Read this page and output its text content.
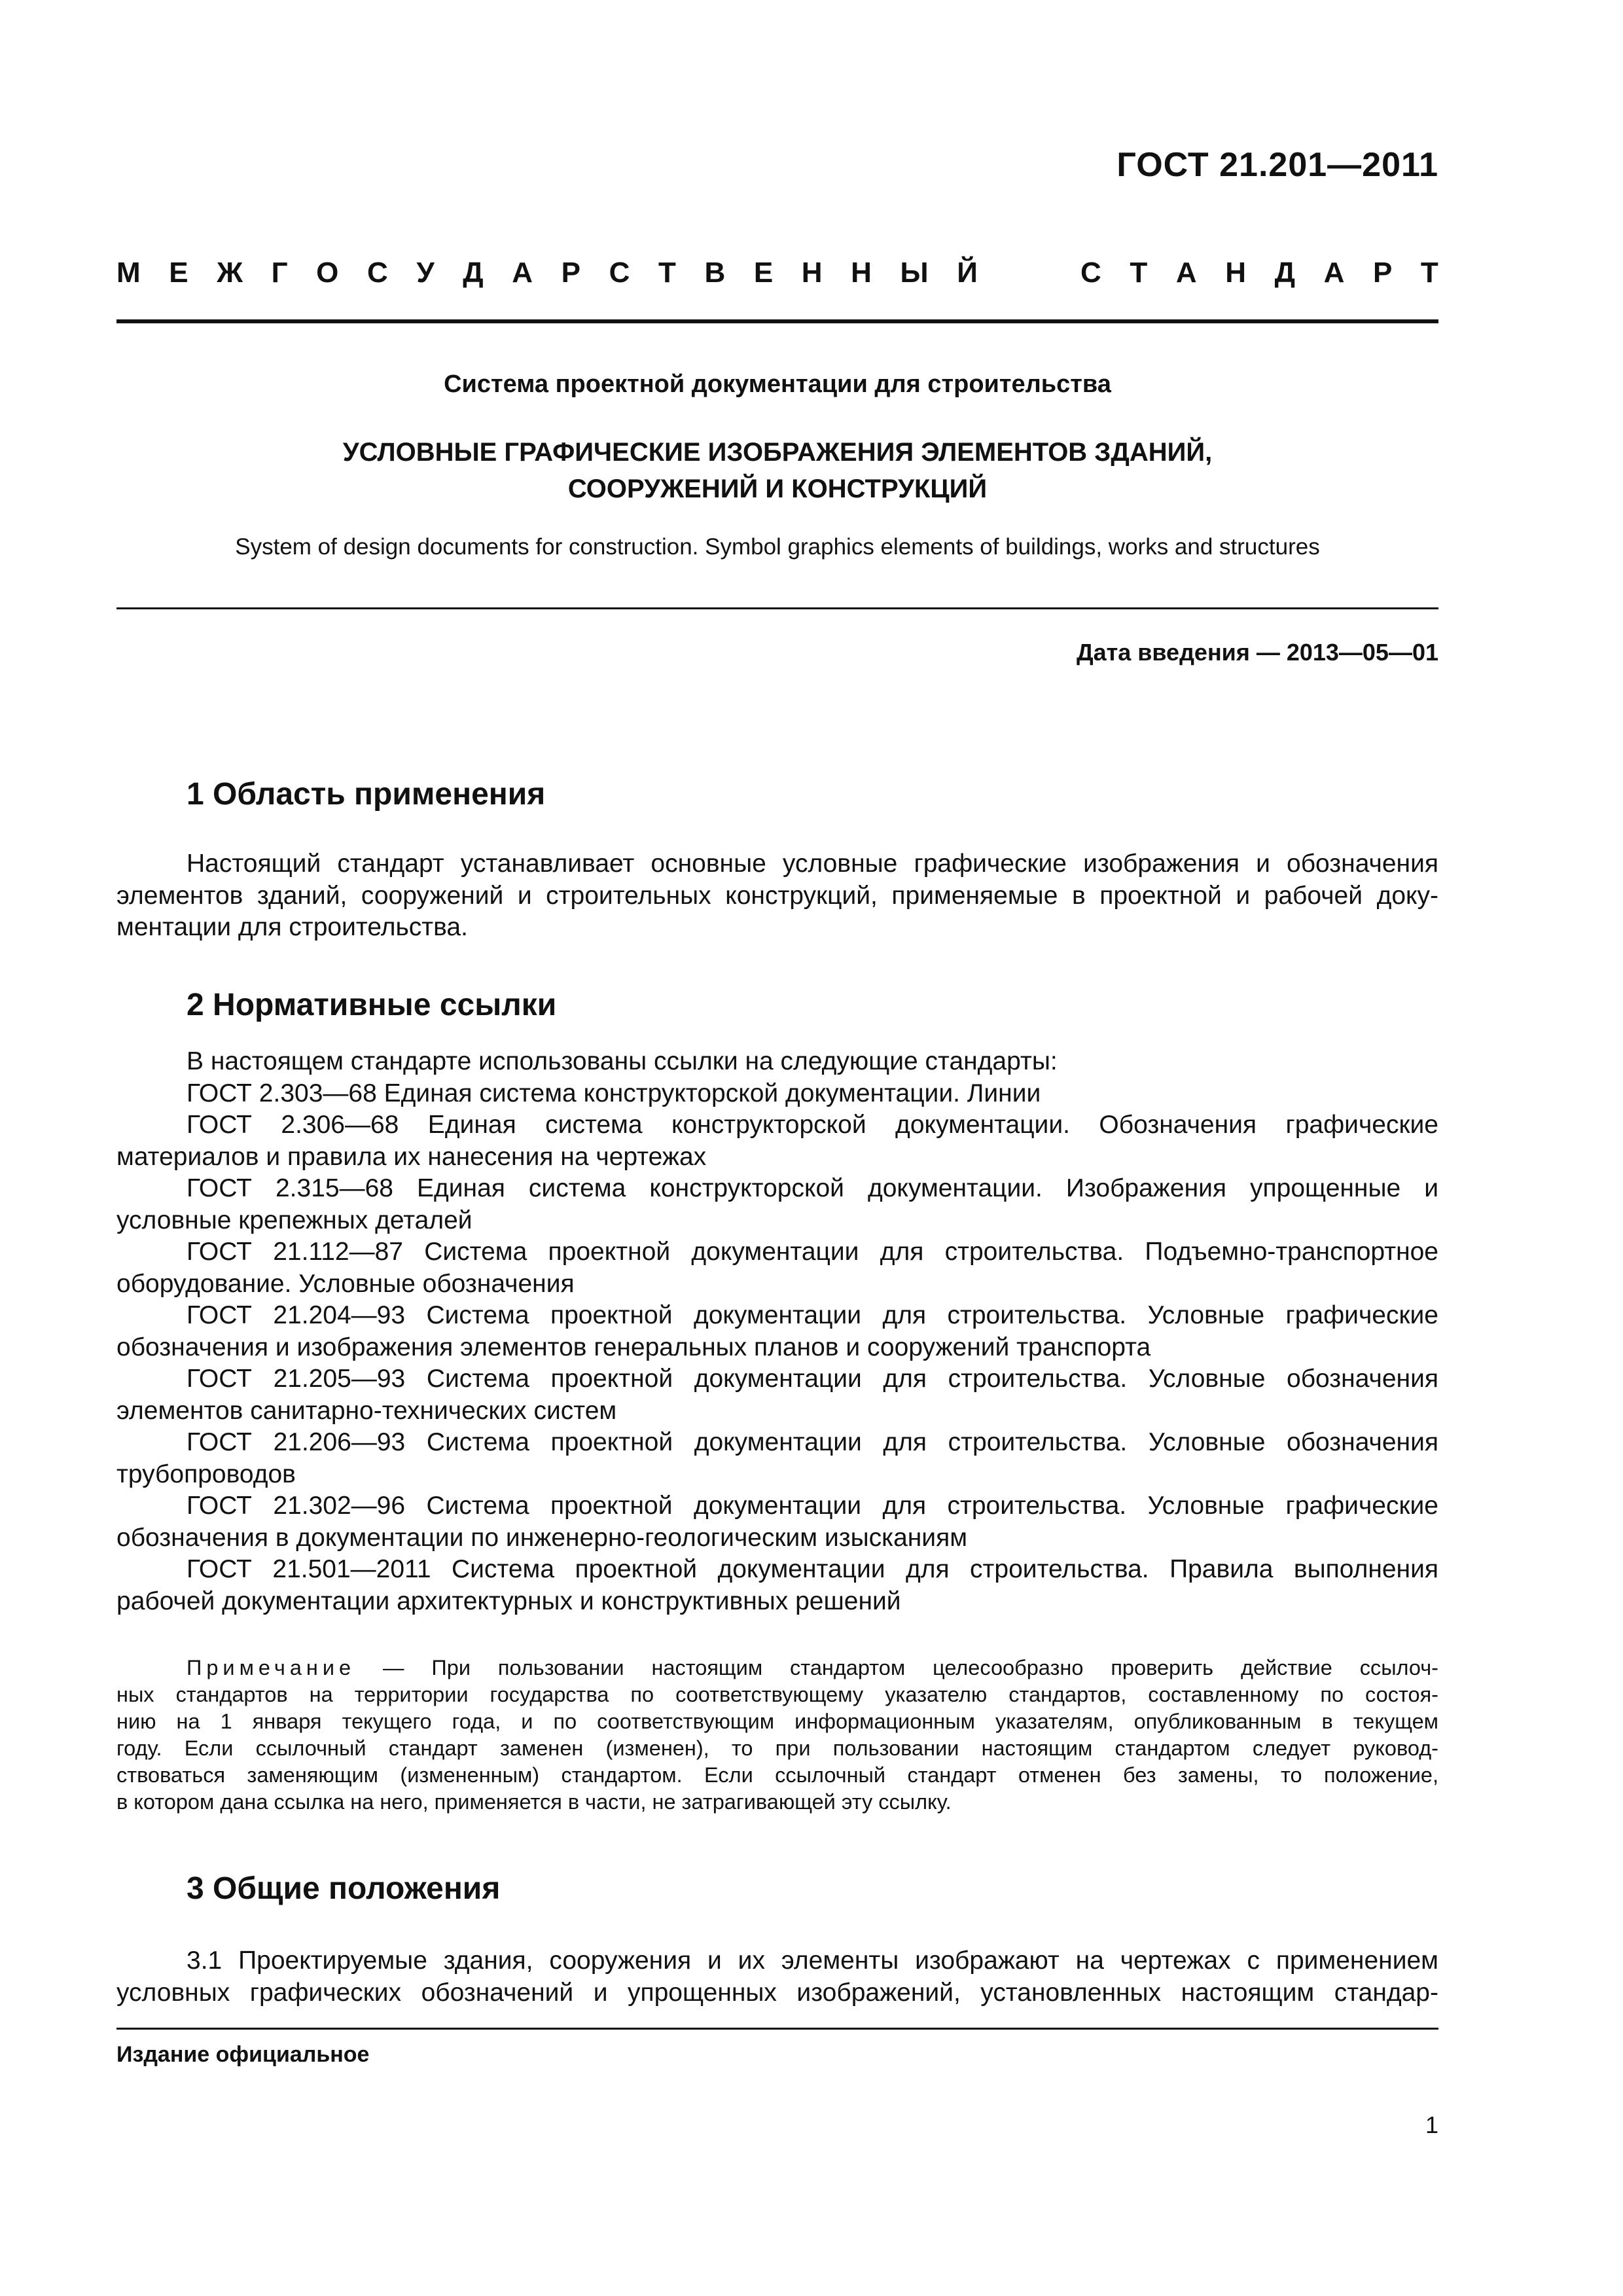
ГОСТ 21.201—2011
М Е Ж Г О С У Д А Р С Т В Е Н Н Ы Й	С Т А Н Д А Р Т
Система проектной документации для строительства
УСЛОВНЫЕ ГРАФИЧЕСКИЕ ИЗОБРАЖЕНИЯ ЭЛЕМЕНТОВ ЗДАНИЙ,
СООРУЖЕНИЙ И КОНСТРУКЦИЙ
System of design documents for construction. Symbol graphics elements of buildings, works and structures
Дата введения — 2013—05—01
1 Область применения
Настоящий стандарт устанавливает основные условные графические изображения и обозначения
элементов зданий, сооружений и строительных конструкций, применяемые в проектной и рабочей доку-
ментации для строительства.
2 Нормативные ссылки
В настоящем стандарте использованы ссылки на следующие стандарты:
ГОСТ 2.303—68 Единая система конструкторской документации. Линии
ГОСТ 2.306—68 Единая система конструкторской документации. Обозначения графические
материалов и правила их нанесения на чертежах
ГОСТ 2.315—68 Единая система конструкторской документации. Изображения упрощенные и
условные крепежных деталей
ГОСТ 21.112—87 Система проектной документации для строительства. Подъемно-транспортное
оборудование. Условные обозначения
ГОСТ 21.204—93 Система проектной документации для строительства. Условные графические
обозначения и изображения элементов генеральных планов и сооружений транспорта
ГОСТ 21.205—93 Система проектной документации для строительства. Условные обозначения
элементов санитарно-технических систем
ГОСТ 21.206—93 Система проектной документации для строительства. Условные обозначения
трубопроводов
ГОСТ 21.302—96 Система проектной документации для строительства. Условные графические
обозначения в документации по инженерно-геологическим изысканиям
ГОСТ 21.501—2011 Система проектной документации для строительства. Правила выполнения
рабочей документации архитектурных и конструктивных решений
Примечание — При пользовании настоящим стандартом целесообразно проверить действие ссылоч-
ных стандартов на территории государства по соответствующему указателю стандартов, составленному по состоя-
нию на 1 января текущего года, и по соответствующим информационным указателям, опубликованным в текущем
году. Если ссылочный стандарт заменен (изменен), то при пользовании настоящим стандартом следует руковод-
ствоваться заменяющим (измененным) стандартом. Если ссылочный стандарт отменен без замены, то положение,
в котором дана ссылка на него, применяется в части, не затрагивающей эту ссылку.
3 Общие положения
3.1 Проектируемые здания, сооружения и их элементы изображают на чертежах с применением
условных графических обозначений и упрощенных изображений, установленных настоящим стандар-
Издание официальное
1
